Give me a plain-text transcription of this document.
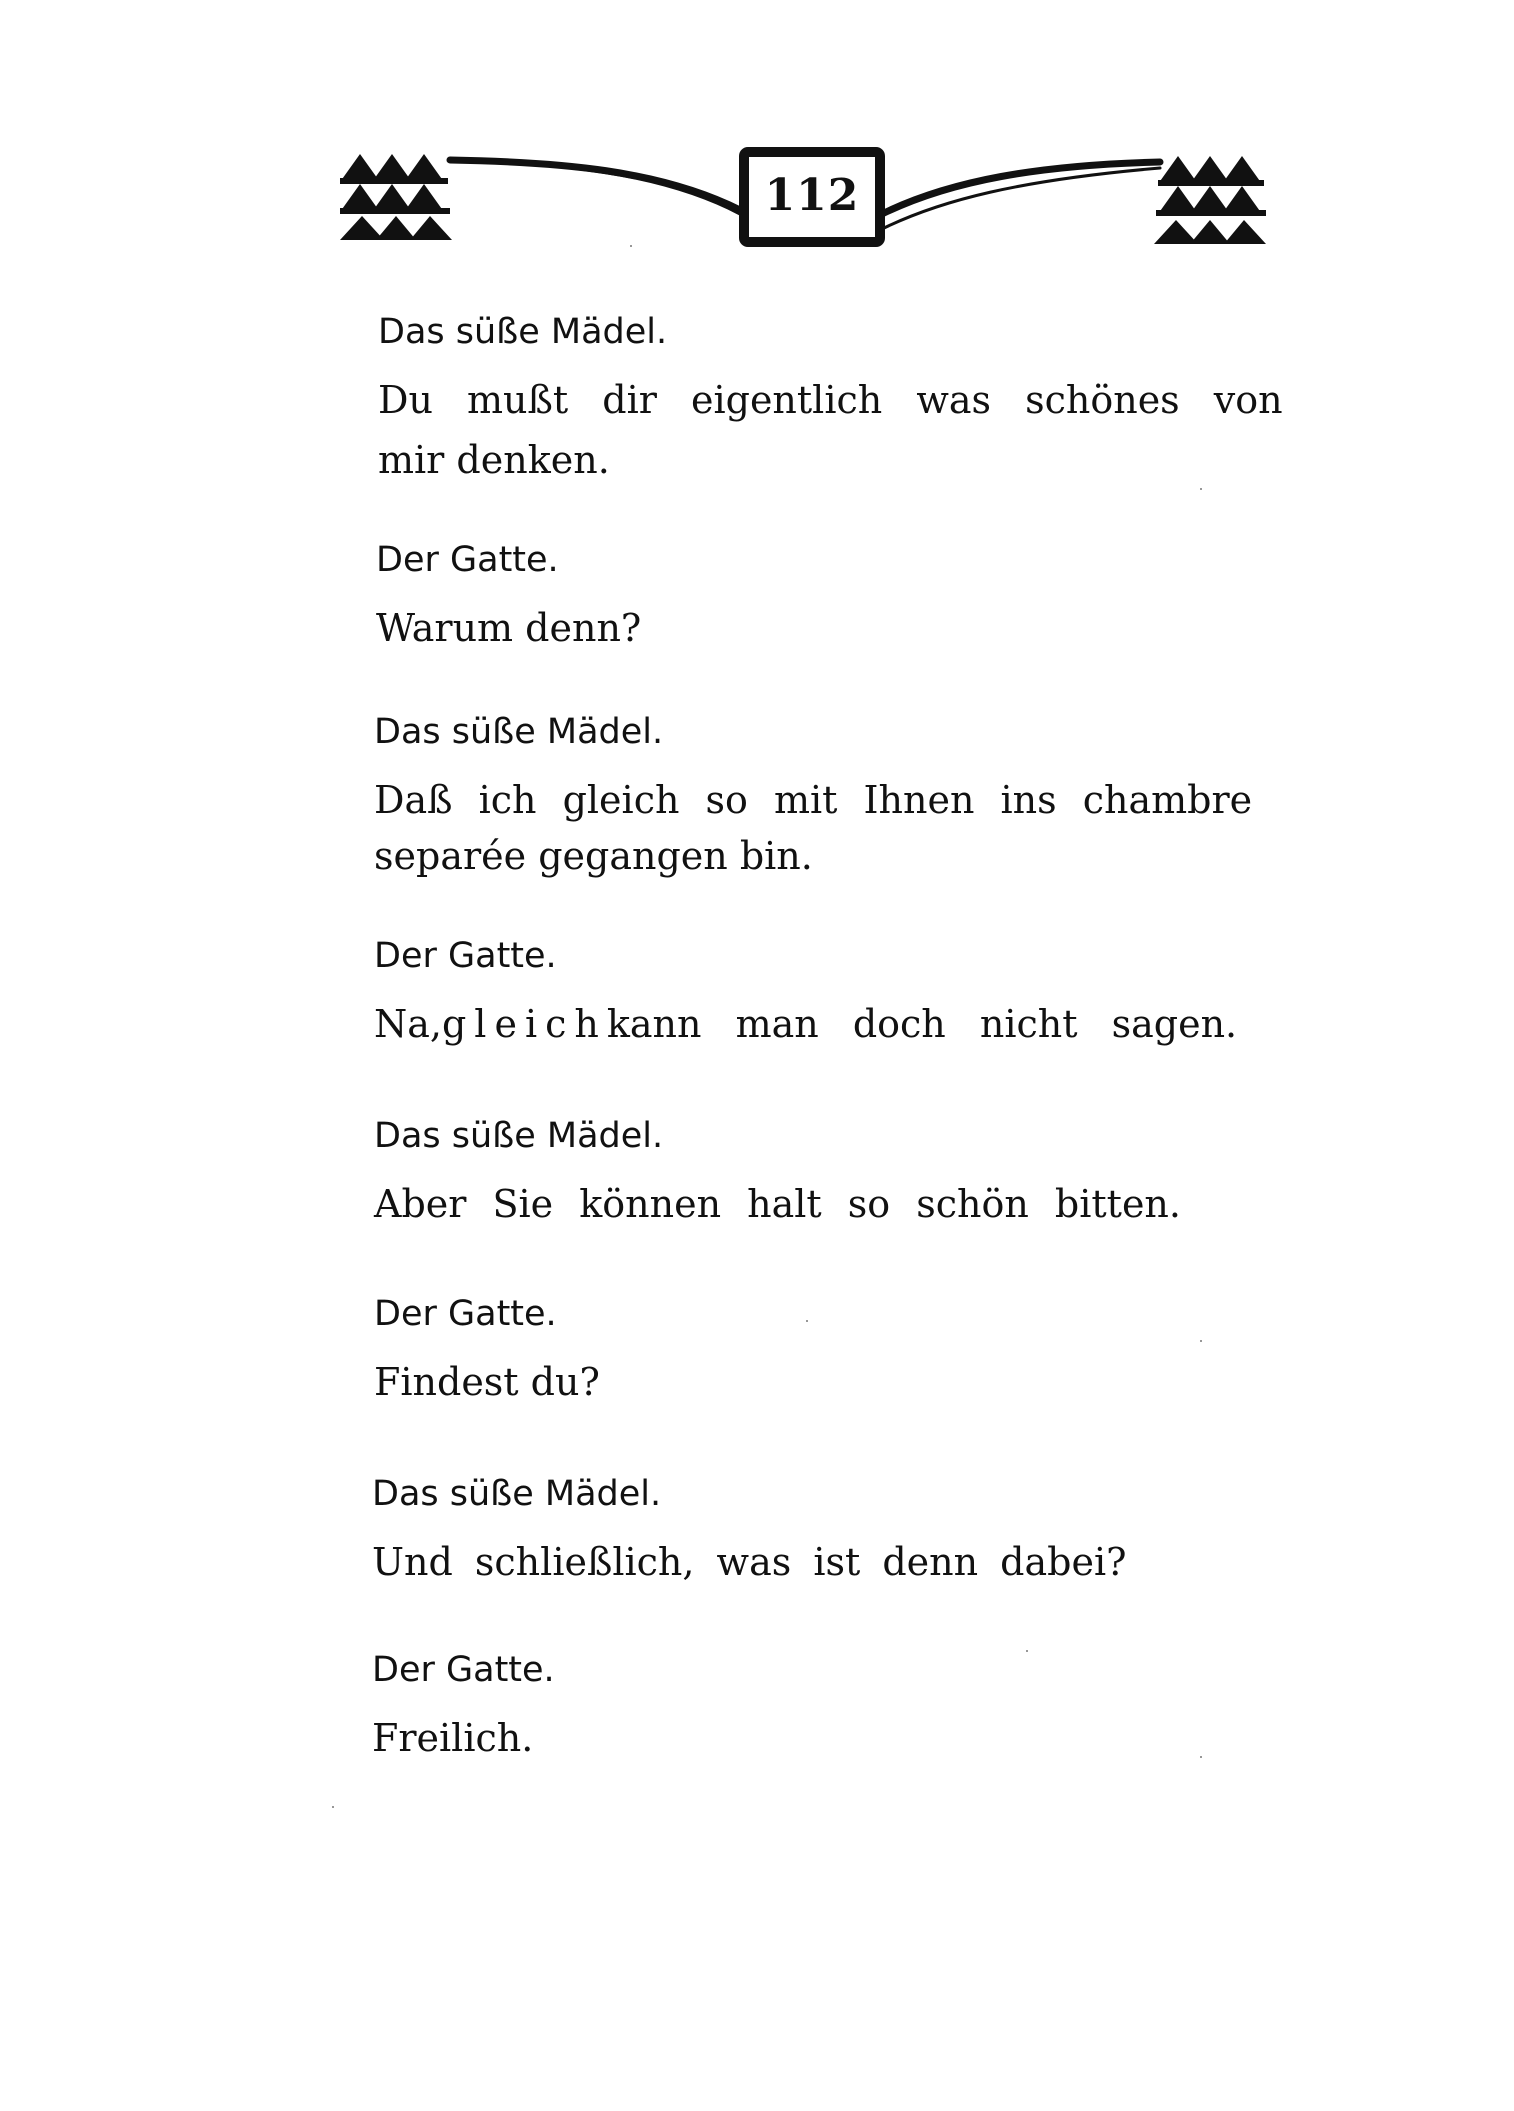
112
Das süße Mädel.
Du mußt dir eigentlich was schönes von
mir denken.
Der Gatte.
Warum denn?
Das süße Mädel.
Daß ich gleich so mit Ihnen ins chambre
separée gegangen bin.
Der Gatte.
Na, gleich kann man doch nicht sagen.
Das süße Mädel.
Aber Sie können halt so schön bitten.
Der Gatte.
Findest du?
Das süße Mädel.
Und schließlich, was ist denn dabei?
Der Gatte.
Freilich.
